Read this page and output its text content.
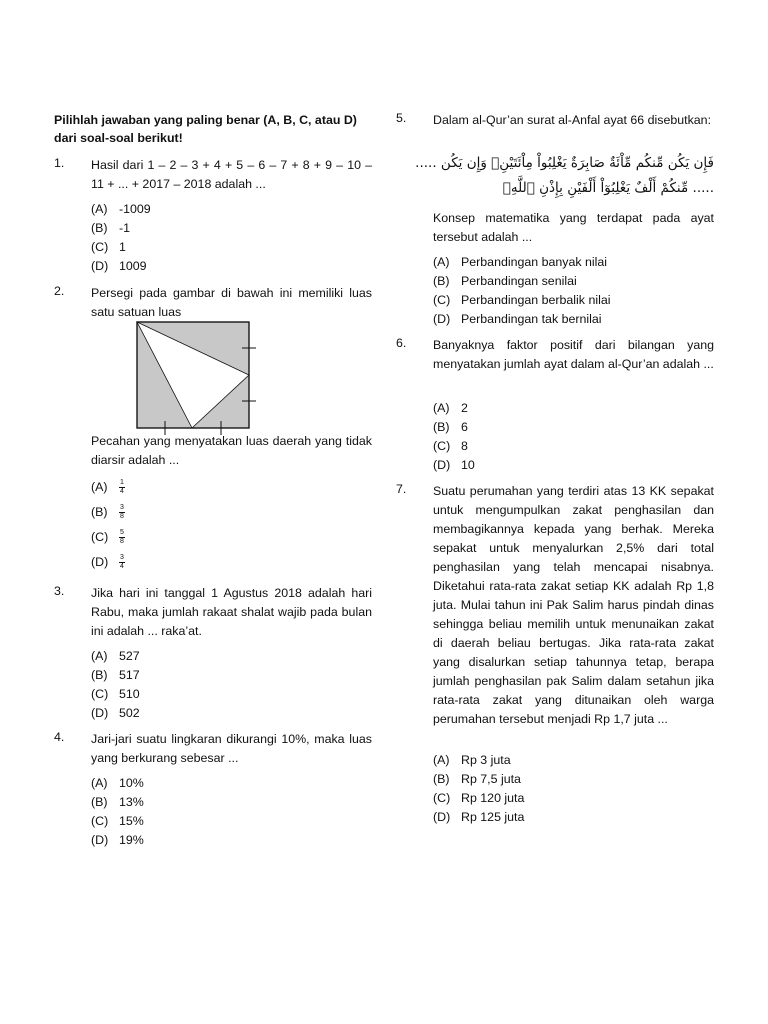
Pilihlah jawaban yang paling benar (A, B, C, atau D) dari soal-soal berikut!
1.	Hasil dari 1 – 2 – 3 + 4 + 5 – 6 – 7 + 8 + 9 – 10 – 11 + ... + 2017 – 2018 adalah ...
(A) -1009
(B) -1
(C) 1
(D) 1009
2.	Persegi pada gambar di bawah ini memiliki luas satu satuan luas
Pecahan yang menyatakan luas daerah yang tidak diarsir adalah ...
$(A) \frac{1}{4}$
$(B) \frac{3}{8}$
$(C) \frac{5}{8}$
$(D) \frac{3}{4}$
3.	Jika hari ini tanggal 1 Agustus 2018 adalah hari Rabu, maka jumlah rakaat shalat wajib pada bulan ini adalah ... raka’at.
(A) 527
(B) 517
(C) 510
(D) 502
4.	Jari-jari suatu lingkaran dikurangi 10%, maka luas yang berkurang sebesar ...
(A) 10%
(B) 13%
(C) 15%
(D) 19%
5.	Dalam al-Qur’an surat al-Anfal ayat 66 disebutkan:
فَإِن يَكُن مِّنكُم مِّاْئَةٌ صَابِرَةٌ يَغْلِبُواْ مِاْئَتَيْنِۚ وَإِن يَكُن .....
..... مِّنكُمْ أَلْفٌ يَغْلِبُوٓاْ أَلْفَيْنِ بِإِذْنِ ٱللَّهِۗ
Konsep matematika yang terdapat pada ayat tersebut adalah ...
(A) Perbandingan banyak nilai
(B) Perbandingan senilai
(C) Perbandingan berbalik nilai
(D) Perbandingan tak bernilai
6.	Banyaknya faktor positif dari bilangan yang menyatakan jumlah ayat dalam al-Qur’an adalah ...
(A) 2
(B) 6
(C) 8
(D) 10
7.	Suatu perumahan yang terdiri atas 13 KK sepakat untuk mengumpulkan zakat penghasilan dan membagikannya kepada yang berhak. Mereka sepakat untuk menyalurkan 2,5% dari total penghasilan yang telah mencapai nisabnya. Diketahui rata-rata zakat setiap KK adalah Rp 1,8 juta. Mulai tahun ini Pak Salim harus pindah dinas sehingga beliau memilih untuk menunaikan zakat di daerah beliau bertugas. Jika rata-rata zakat yang disalurkan setiap tahunnya tetap, berapa jumlah penghasilan pak Salim dalam setahun jika rata-rata zakat yang ditunaikan oleh warga perumahan tersebut menjadi Rp 1,7 juta ...
(A) Rp 3 juta
(B) Rp 7,5 juta
(C) Rp 120 juta
(D) Rp 125 juta
